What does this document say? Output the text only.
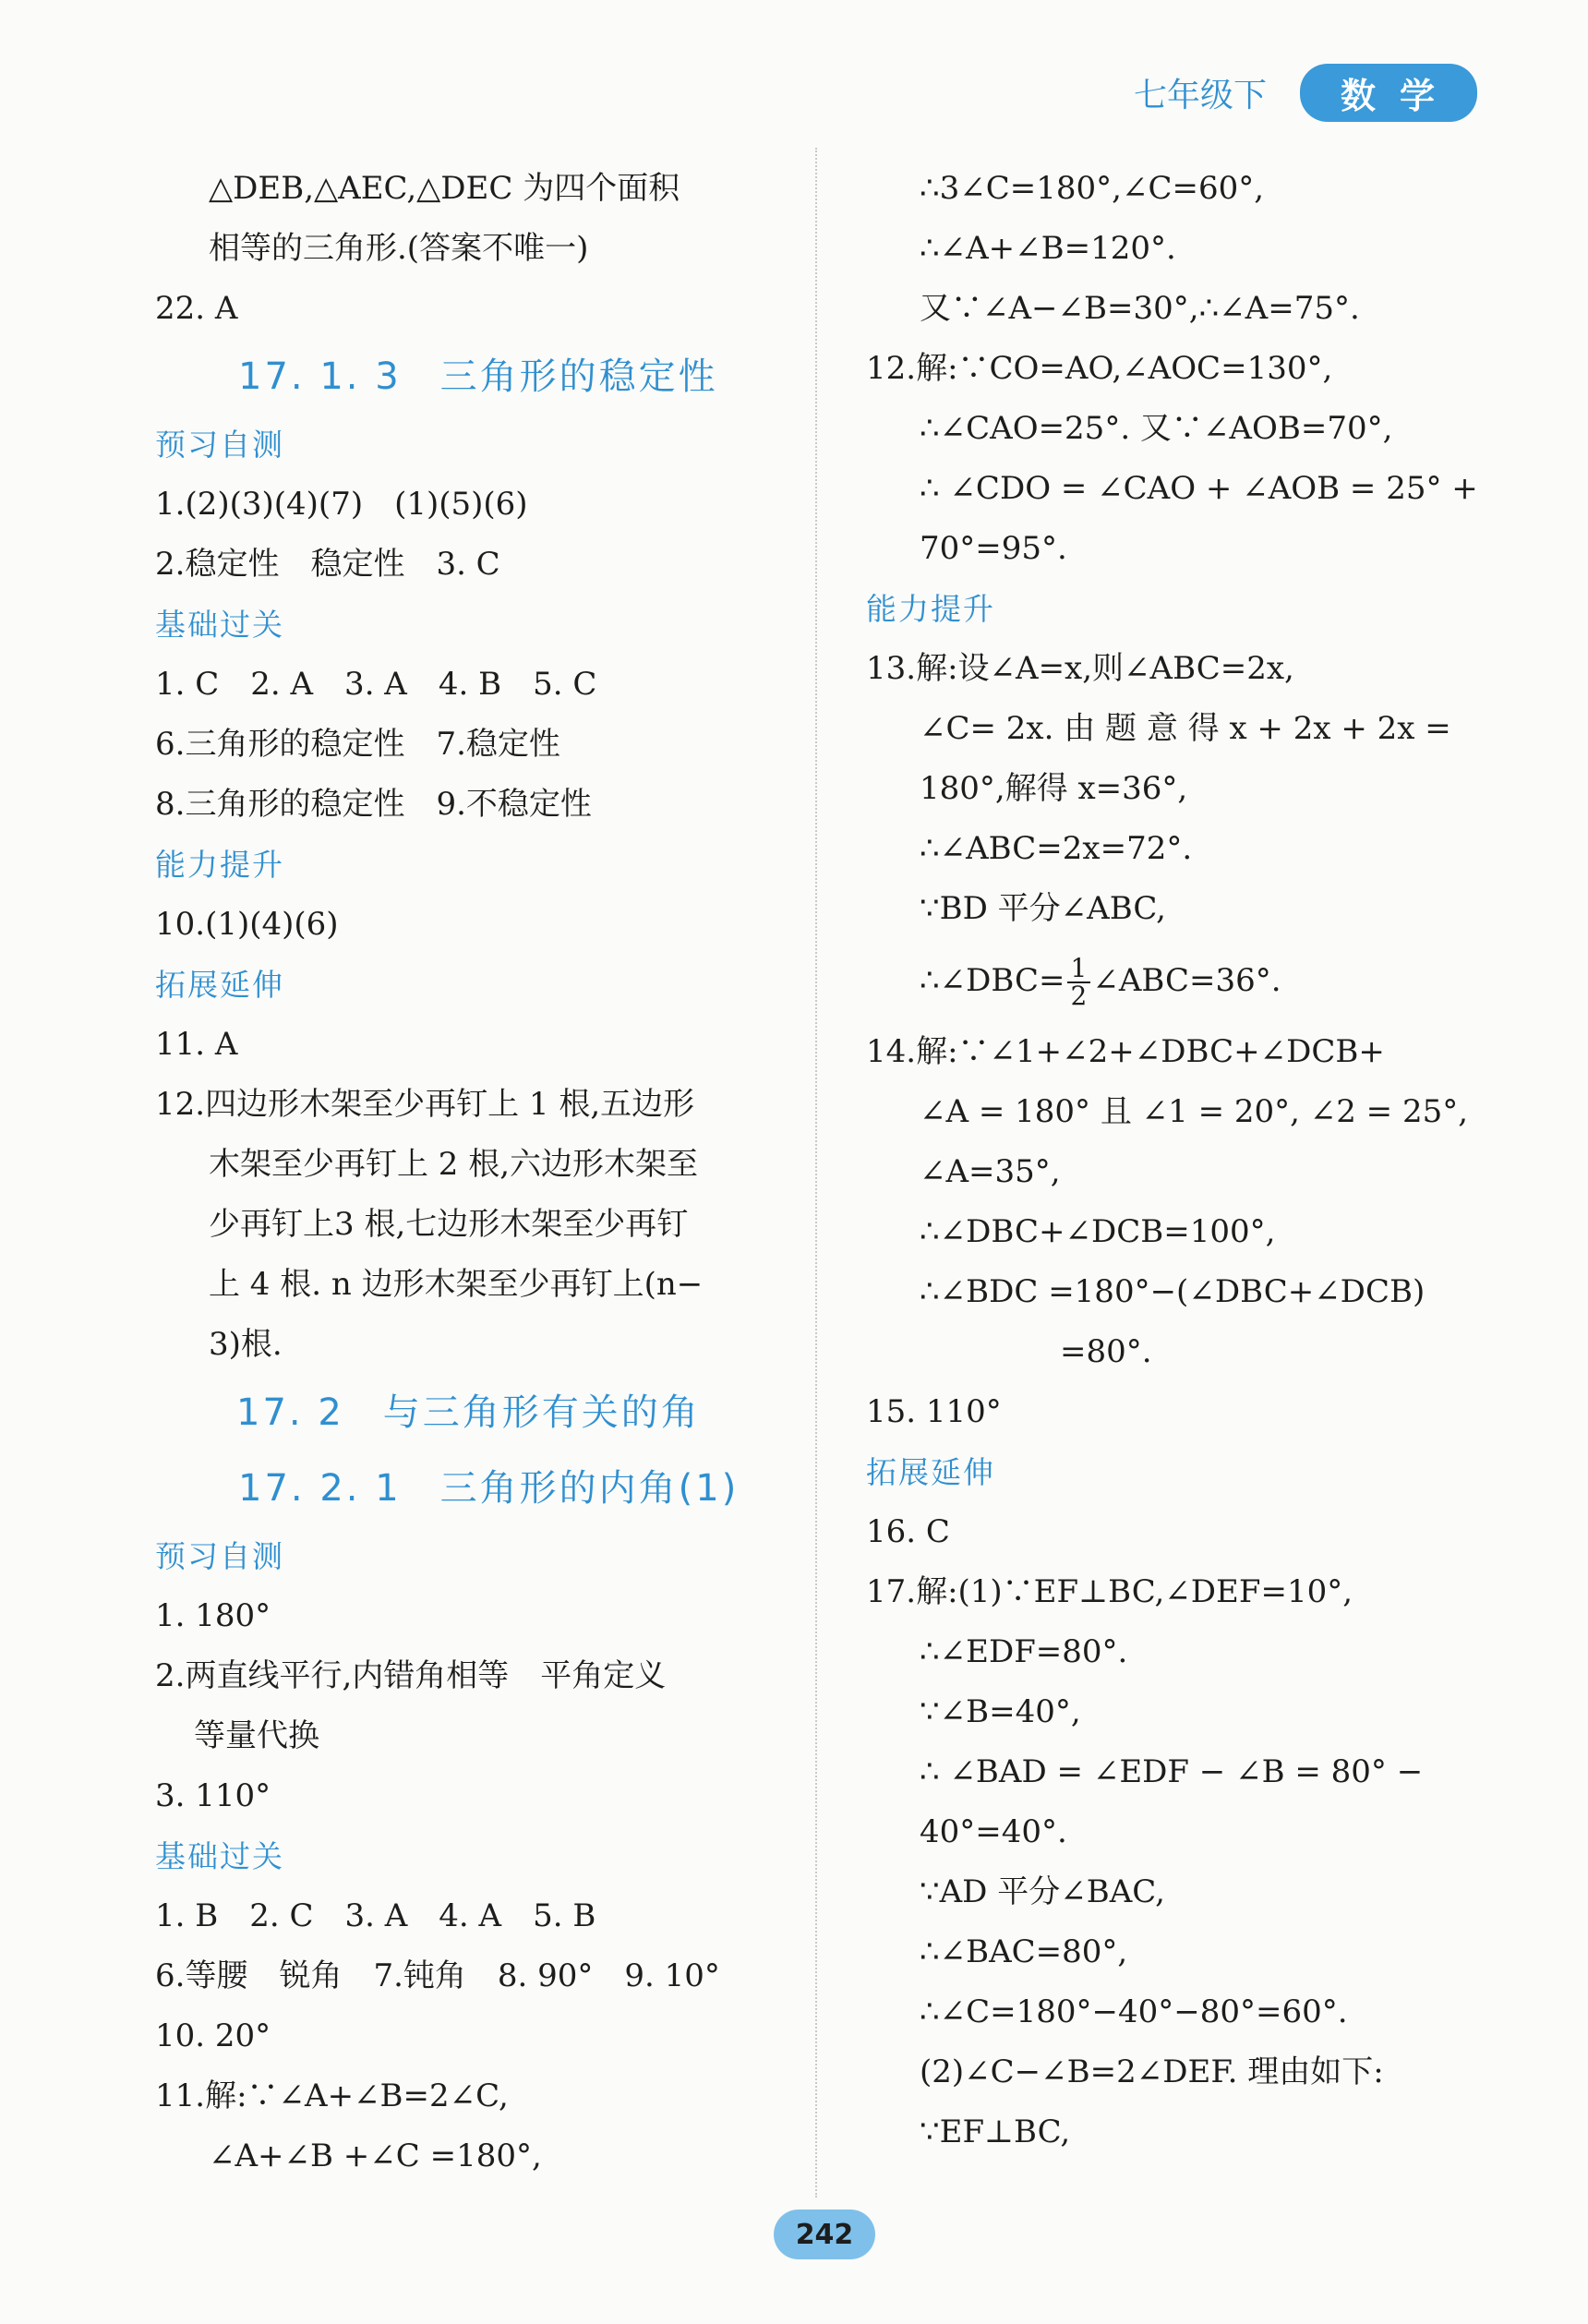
七年级下	数学
△DEB,△AEC,△DEC 为四个面积
相等的三角形.(答案不唯一)
22. A
17. 1. 3 三角形的稳定性
预习自测
1.(2)(3)(4)(7)　(1)(5)(6)
2.稳定性　稳定性　3. C
基础过关
1. C　2. A　3. A　4. B　5. C
6.三角形的稳定性　7.稳定性
8.三角形的稳定性　9.不稳定性
能力提升
10.(1)(4)(6)
拓展延伸
11. A
12.四边形木架至少再钉上 1 根,五边形
木架至少再钉上 2 根,六边形木架至
少再钉上3 根,七边形木架至少再钉
上 4 根. n 边形木架至少再钉上(n−
3)根.
17. 2 与三角形有关的角
17. 2. 1 三角形的内角(1)
预习自测
1. 180°
2.两直线平行,内错角相等　平角定义
等量代换
3. 110°
基础过关
1. B　2. C　3. A　4. A　5. B
6.等腰　锐角　7.钝角　8. 90°　9. 10°
10. 20°
11.解:∵∠A+∠B=2∠C,
∠A+∠B +∠C =180°,
∴3∠C=180°,∠C=60°,
∴∠A+∠B=120°.
又∵∠A−∠B=30°,∴∠A=75°.
12.解:∵CO=AO,∠AOC=130°,
∴∠CAO=25°. 又∵∠AOB=70°,
∴ ∠CDO = ∠CAO + ∠AOB = 25° +
70°=95°.
能力提升
13.解:设∠A=x,则∠ABC=2x,
∠C= 2x. 由 题 意 得 x + 2x + 2x =
180°,解得 x=36°,
∴∠ABC=2x=72°.
∵BD 平分∠ABC,
∴∠DBC= $\frac{1}{2}$ ∠ABC=36°.
14.解:∵∠1+∠2+∠DBC+∠DCB+
∠A = 180° 且 ∠1 = 20°, ∠2 = 25°,
∠A=35°,
∴∠DBC+∠DCB=100°,
∴∠BDC =180°−(∠DBC+∠DCB)
=80°.
15. 110°
拓展延伸
16. C
17.解:(1)∵EF⊥BC,∠DEF=10°,
∴∠EDF=80°.
∵∠B=40°,
∴ ∠BAD = ∠EDF − ∠B = 80° −
40°=40°.
∵AD 平分∠BAC,
∴∠BAC=80°,
∴∠C=180°−40°−80°=60°.
(2)∠C−∠B=2∠DEF. 理由如下:
∵EF⊥BC,
242
